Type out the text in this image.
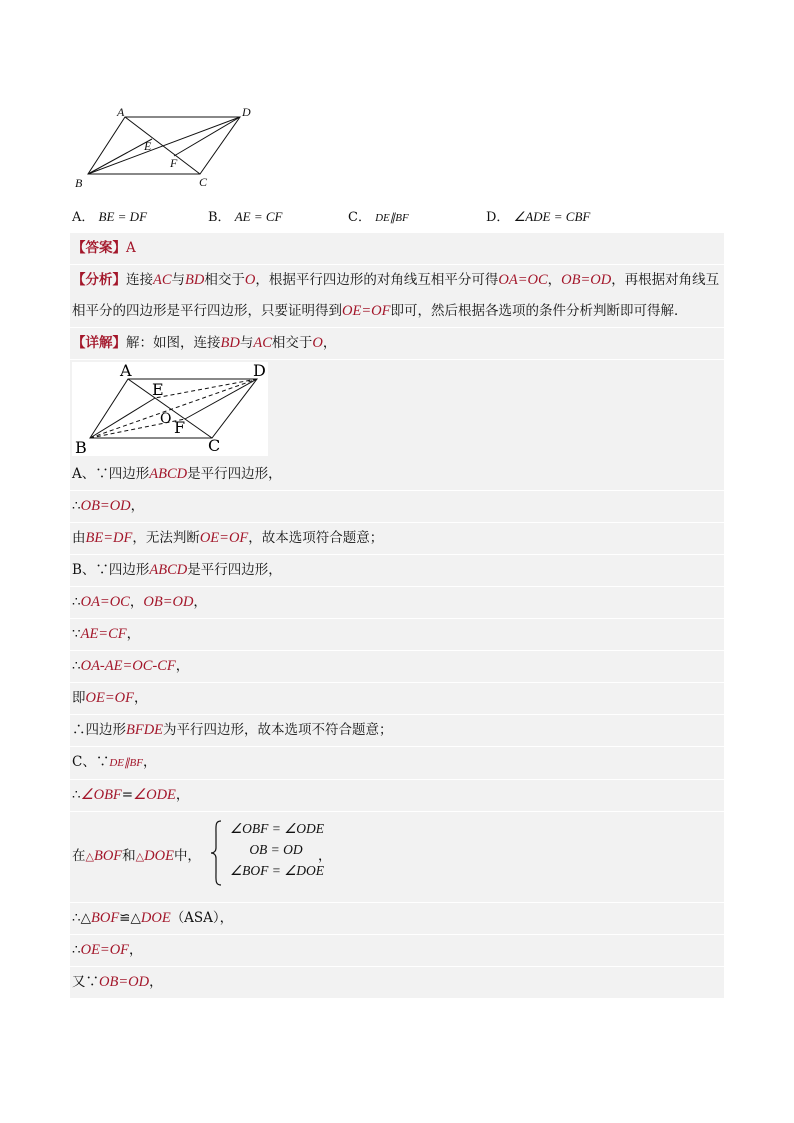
A	D
E
F
B	C
A． BE = DF	B． AE = CF	C． DE∥BF	D． ∠ADE = CBF
【答案】A
【分析】连接AC与BD相交于O，根据平行四边形的对角线互相平分可得OA=OC，OB=OD，再根据对角线互相平分的四边形是平行四边形，只要证明得到OE=OF即可，然后根据各选项的条件分析判断即可得解．
【详解】解：如图，连接BD与AC相交于O，
A	D
E
O F
B	C
A、∵四边形ABCD是平行四边形，
∴OB=OD，
由BE=DF，无法判断OE=OF，故本选项符合题意；
B、∵四边形ABCD是平行四边形，
∴OA=OC，OB=OD，
∵AE=CF，
∴OA-AE=OC-CF，
即OE=OF，
∴四边形BFDE为平行四边形，故本选项不符合题意；
C、∵DE∥BF，
∴∠OBF=∠ODE，
在△BOF和△DOE中，
∠OBF = ∠ODE
OB = OD
∠BOF = ∠DOE
，
∴△BOF≌△DOE（ASA），
∴OE=OF，
又∵OB=OD，
